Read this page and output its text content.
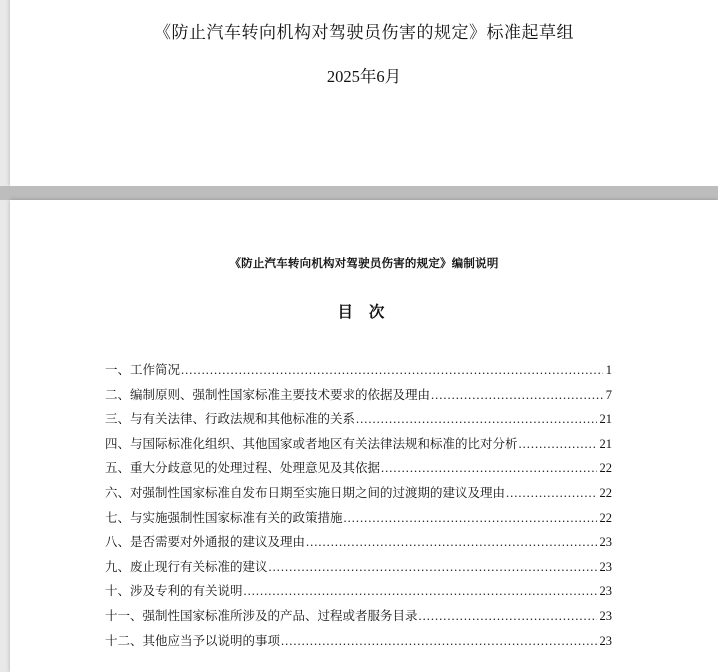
《防止汽车转向机构对驾驶员伤害的规定》标准起草组
2025年6月
《防止汽车转向机构对驾驶员伤害的规定》编制说明
目 次
一、工作简况 .....	1
二、编制原则、强制性国家标准主要技术要求的依据及理由 .....	7
三、与有关法律、行政法规和其他标准的关系 .....	21
四、与国际标准化组织、其他国家或者地区有关法律法规和标准的比对分析 .....	21
五、重大分歧意见的处理过程、处理意见及其依据 .....	22
六、对强制性国家标准自发布日期至实施日期之间的过渡期的建议及理由 .....	22
七、与实施强制性国家标准有关的政策措施 .....	22
八、是否需要对外通报的建议及理由 .....	23
九、废止现行有关标准的建议 .....	23
十、涉及专利的有关说明 .....	23
十一、强制性国家标准所涉及的产品、过程或者服务目录 .....	23
十二、其他应当予以说明的事项 .....	23
